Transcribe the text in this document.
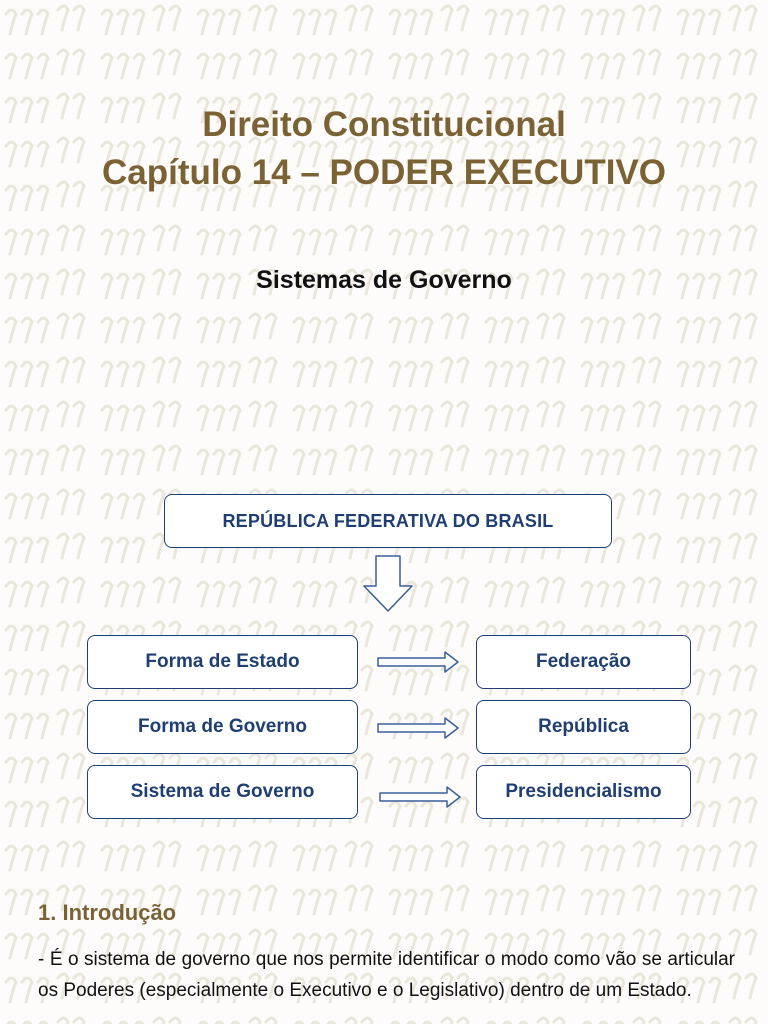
Direito Constitucional
Capítulo 14 – PODER EXECUTIVO
Sistemas de Governo
REPÚBLICA FEDERATIVA DO BRASIL
Forma de Estado	Federação
Forma de Governo	República
Sistema de Governo	Presidencialismo
1. Introdução

- É o sistema de governo que nos permite identificar o modo como vão se articular os Poderes (especialmente o Executivo e o Legislativo) dentro de um Estado.
